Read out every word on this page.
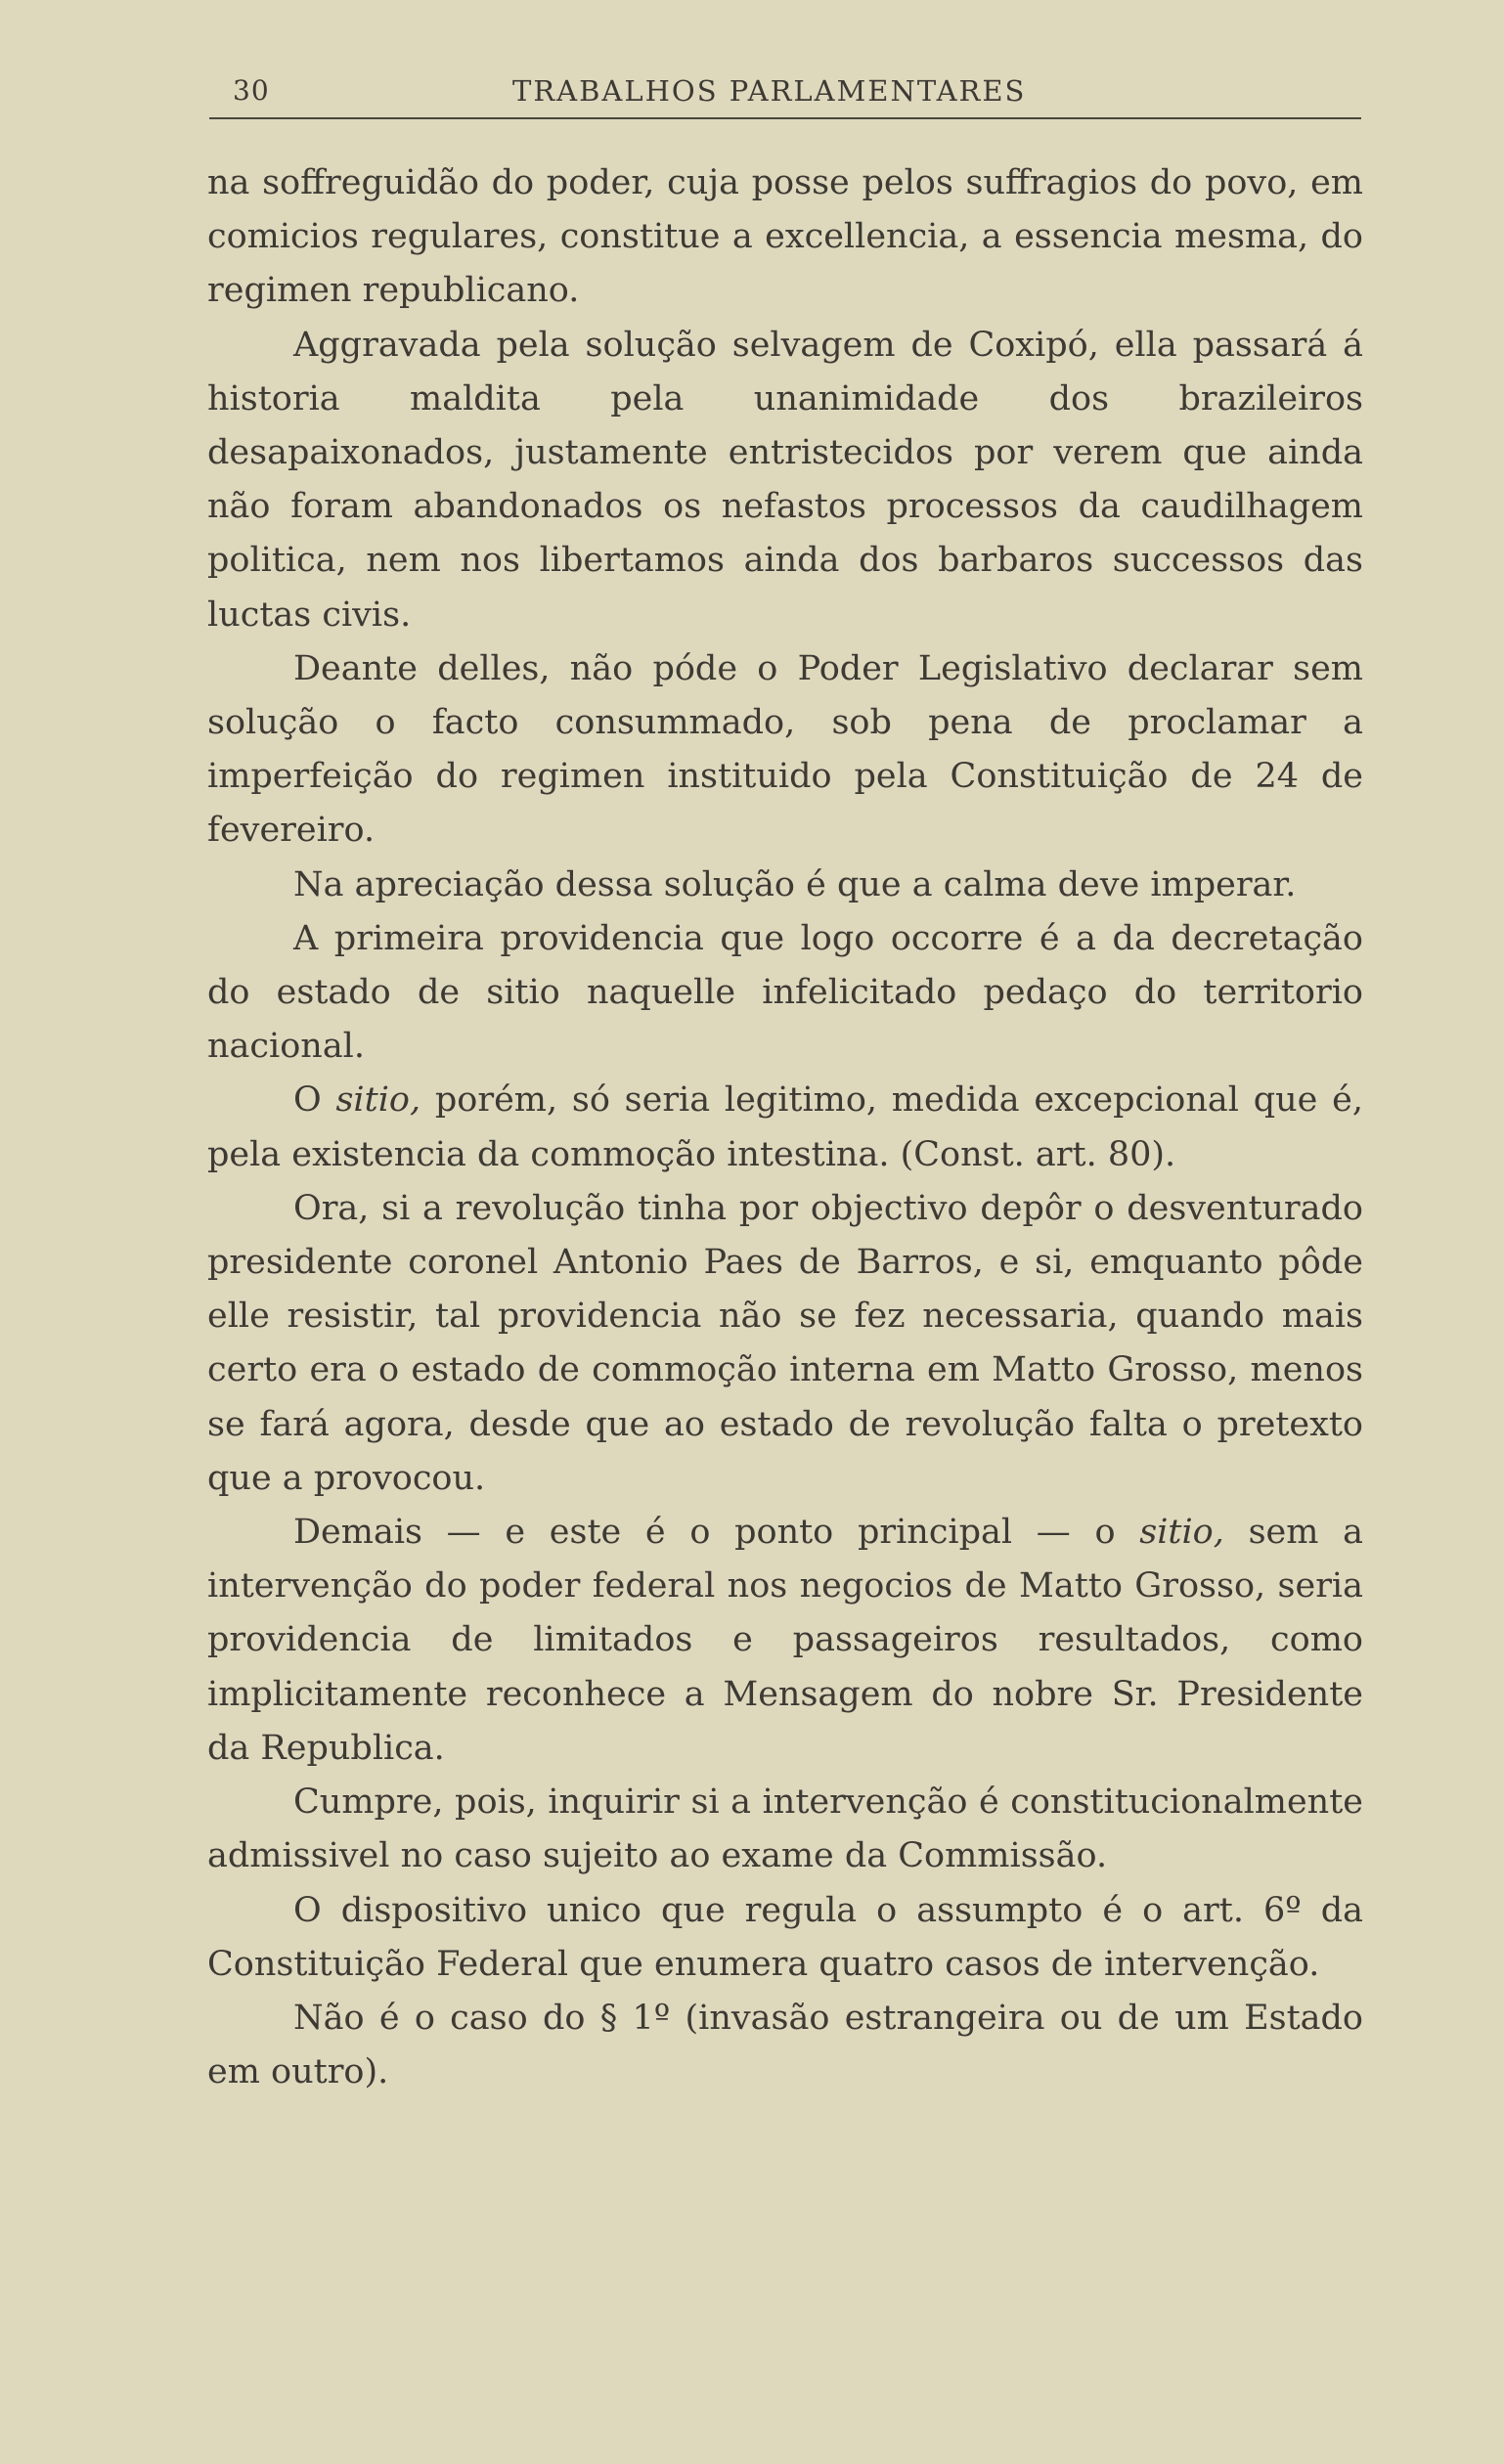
30	TRABALHOS PARLAMENTARES

na soffreguidão do poder, cuja posse pelos suffragios do povo, em comicios regulares, constitue a excellencia, a essencia mesma, do regimen republicano.

Aggravada pela solução selvagem de Coxipó, ella passará á historia maldita pela unanimidade dos brazileiros desapaixonados, justamente entristecidos por verem que ainda não foram abandonados os nefastos processos da caudilhagem politica, nem nos libertamos ainda dos barbaros successos das luctas civis.

Deante delles, não póde o Poder Legislativo declarar sem solução o facto consummado, sob pena de proclamar a imperfeição do regimen instituido pela Constituição de 24 de fevereiro.

Na apreciação dessa solução é que a calma deve imperar.

A primeira providencia que logo occorre é a da decretação do estado de sitio naquelle infelicitado pedaço do territorio nacional.

O sitio, porém, só seria legitimo, medida excepcional que é, pela existencia da commoção intestina. (Const. art. 80).

Ora, si a revolução tinha por objectivo depôr o desventurado presidente coronel Antonio Paes de Barros, e si, emquanto pôde elle resistir, tal providencia não se fez necessaria, quando mais certo era o estado de commoção interna em Matto Grosso, menos se fará agora, desde que ao estado de revolução falta o pretexto que a provocou.

Demais — e este é o ponto principal — o sitio, sem a intervenção do poder federal nos negocios de Matto Grosso, seria providencia de limitados e passageiros resultados, como implicitamente reconhece a Mensagem do nobre Sr. Presidente da Republica.

Cumpre, pois, inquirir si a intervenção é constitucionalmente admissivel no caso sujeito ao exame da Commissão.

O dispositivo unico que regula o assumpto é o art. 6º da Constituição Federal que enumera quatro casos de intervenção.

Não é o caso do § 1º (invasão estrangeira ou de um Estado em outro).
